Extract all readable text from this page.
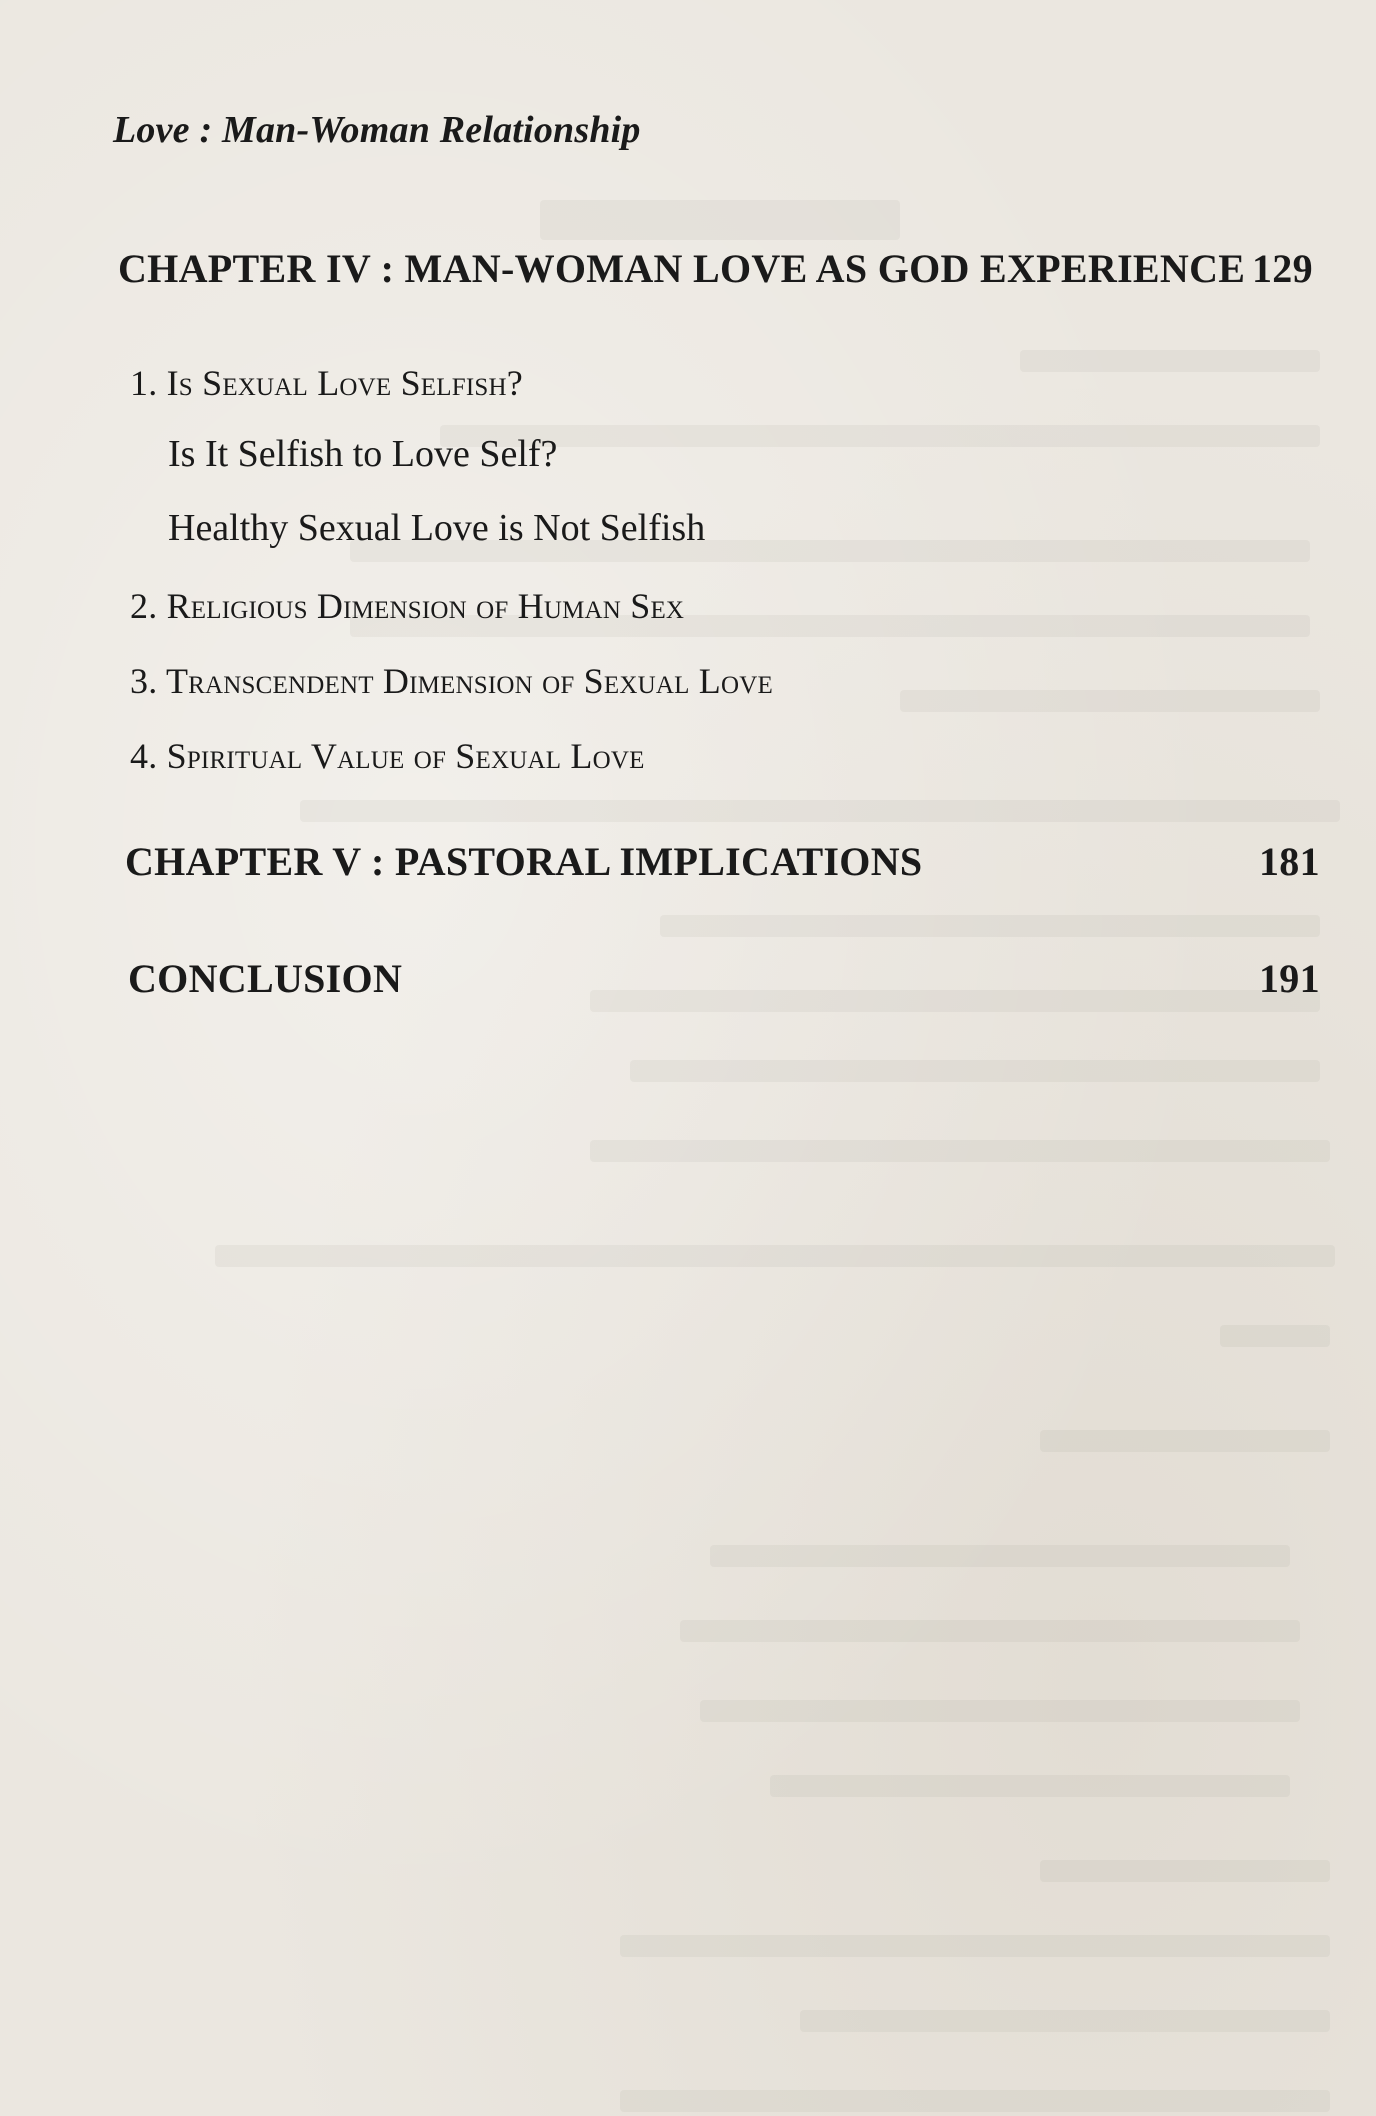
Love : Man-Woman Relationship
CHAPTER IV : MAN-WOMAN LOVE AS GOD EXPERIENCE 129
1. Is Sexual Love Selfish?
Is It Selfish to Love Self?
Healthy Sexual Love is Not Selfish
2. Religious Dimension of Human Sex
3. Transcendent Dimension of Sexual Love
4. Spiritual Value of Sexual Love
CHAPTER V : PASTORAL IMPLICATIONS	181
CONCLUSION	191
